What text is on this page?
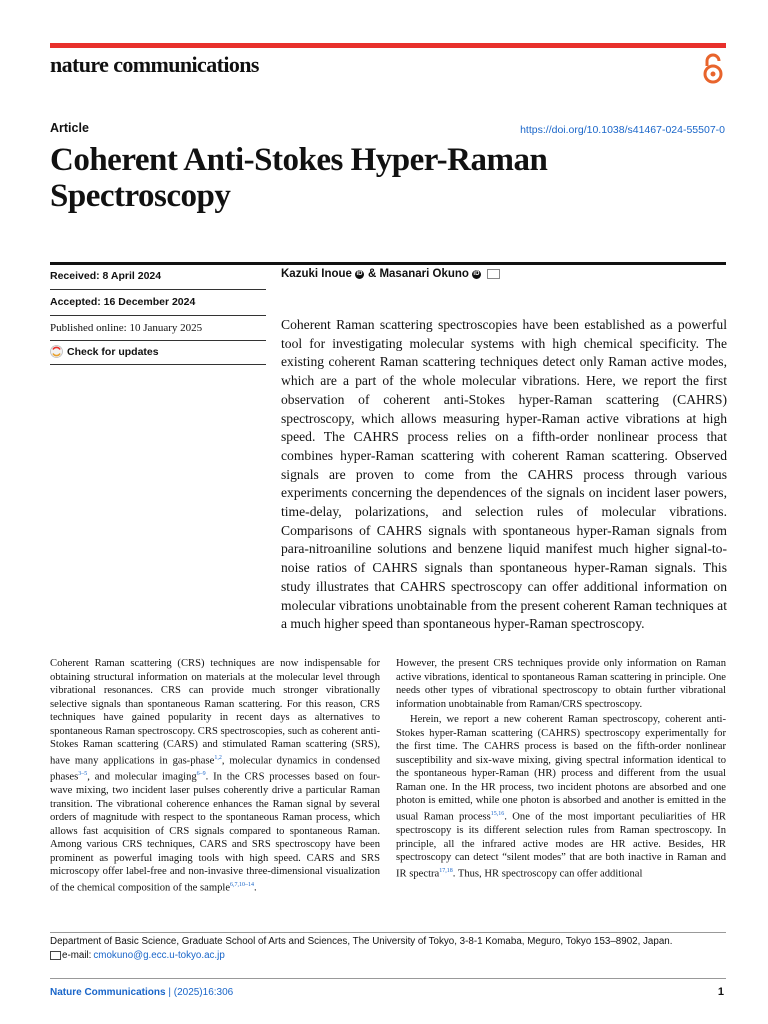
nature communications
Article	https://doi.org/10.1038/s41467-024-55507-0
Coherent Anti-Stokes Hyper-Raman Spectroscopy
Received: 8 April 2024
Accepted: 16 December 2024
Published online: 10 January 2025
Check for updates
Kazuki Inoue iD &
Masanari Okuno iD
Coherent Raman scattering spectroscopies have been established as a powerful tool for investigating molecular systems with high chemical specificity. The existing coherent Raman scattering techniques detect only Raman active modes, which are a part of the whole molecular vibrations. Here, we report the first observation of coherent anti-Stokes hyper-Raman scattering (CAHRS) spectroscopy, which allows measuring hyper-Raman active vibrations at high speed. The CAHRS process relies on a fifth-order nonlinear process that combines hyper-Raman scattering with coherent Raman scattering. Observed signals are proven to come from the CAHRS process through various experiments concerning the dependences of the signals on incident laser powers, time-delay, polarizations, and selection rules of molecular vibrations. Comparisons of CAHRS signals with spontaneous hyper-Raman signals from para-nitroaniline solutions and benzene liquid manifest much higher signal-to-noise ratios of CAHRS signals than spontaneous hyper-Raman signals. This study illustrates that CAHRS spectroscopy can offer additional information on molecular vibrations unobtainable from the present coherent Raman techniques at a much higher speed than spontaneous hyper-Raman spectroscopy.

Coherent Raman scattering (CRS) techniques are now indispensable for obtaining structural information on materials at the molecular level through vibrational resonances. CRS can provide much stronger vibrationally selective signals than spontaneous Raman scattering. For this reason, CRS techniques have gained popularity in recent days as alternatives to spontaneous Raman spectroscopy. CRS spectroscopies, such as coherent anti-Stokes Raman scattering (CARS) and stimulated Raman scattering (SRS), have many applications in gas-phase$^{1,2}$, molecular dynamics in condensed phases$^{3-5}$, and molecular imaging$^{6-9}$. In the CRS processes based on four-wave mixing, two incident laser pulses coherently drive a particular Raman transition. The vibrational coherence enhances the Raman signal by several orders of magnitude with respect to the spontaneous Raman process, which allows fast acquisition of CRS signals compared to spontaneous Raman. Among various CRS techniques, CARS and SRS spectroscopy have been prominent as powerful imaging tools with high speed. CARS and SRS microscopy offer label-free and non-invasive three-dimensional visualization of the chemical composition of the sample$^{6,7,10-14}$.

However, the present CRS techniques provide only information on Raman active vibrations, identical to spontaneous Raman scattering in principle. One needs other types of vibrational spectroscopy to obtain further vibrational information unobtainable from Raman/CRS spectroscopy.

Herein, we report a new coherent Raman spectroscopy, coherent anti-Stokes hyper-Raman scattering (CAHRS) spectroscopy experimentally for the first time. The CAHRS process is based on the fifth-order nonlinear susceptibility and six-wave mixing, giving spectral information identical to the spontaneous hyper-Raman (HR) process and different from the usual Raman one. In the HR process, two incident photons are absorbed and one photon is emitted, while one photon is absorbed and another is emitted in the usual Raman process$^{15,16}$. One of the most important peculiarities of HR spectroscopy is its different selection rules from Raman spectroscopy. In principle, all the infrared active modes are HR active. Besides, HR spectroscopy can detect “silent modes” that are both inactive in Raman and IR spectra$^{17,18}$. Thus, HR spectroscopy can offer additional

Department of Basic Science, Graduate School of Arts and Sciences, The University of Tokyo, 3-8-1 Komaba, Meguro, Tokyo 153–8902, Japan.
e-mail: cmokuno@g.ecc.u-tokyo.ac.jp
Nature Communications | (2025)16:306	1
